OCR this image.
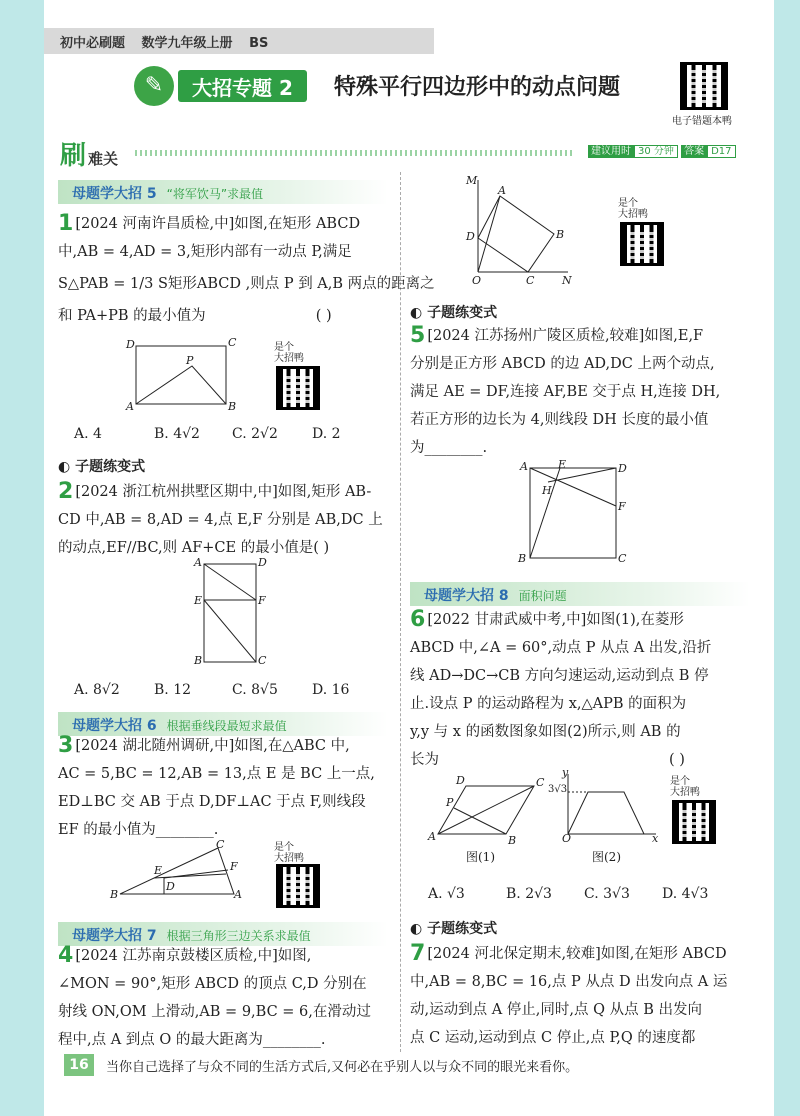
初中必刷题 数学九年级上册 BS
✎	大招专题 2	特殊平行四边形中的动点问题
电子错题本鸭
刷难关	建议用时 30 分钟 答案 D17
母题学大招 5 “将军饮马”求最值
1 [2024 河南许昌质检,中]如图,在矩形 ABCD
中,AB = 4,AD = 3,矩形内部有一动点 P,满足
S△PAB = 1/3 S矩形ABCD ,则点 P 到 A,B 两点的距离之
和 PA+PB 的最小值为	( )
D	C
P
A	B
是个
大招鸭
A. 4	B. 4√2 C. 2√2 D. 2
◐ 子题练变式
2 [2024 浙江杭州拱墅区期中,中]如图,矩形 AB-
CD 中,AB = 8,AD = 4,点 E,F 分别是 AB,DC 上
的动点,EF//BC,则 AF+CE 的最小值是( )
A	D
E	F
B	C
A. 8√2 B. 12	C. 8√5 D. 16
母题学大招 6 根据垂线段最短求最值
3 [2024 湖北随州调研,中]如图,在△ABC 中,
AC = 5,BC = 12,AB = 13,点 E 是 BC 上一点,
ED⊥BC 交 AB 于点 D,DF⊥AC 于点 F,则线段
EF 的最小值为________.
B
C
F
E
D
A
是个
大招鸭
母题学大招 7 根据三角形三边关系求最值
4 [2024 江苏南京鼓楼区质检,中]如图,
∠MON = 90°,矩形 ABCD 的顶点 C,D 分别在
射线 ON,OM 上滑动,AB = 9,BC = 6,在滑动过
程中,点 A 到点 O 的最大距离为________.
M
A
B
D
C
O	N
是个
大招鸭
◐ 子题练变式
5 [2024 江苏扬州广陵区质检,较难]如图,E,F
分别是正方形 ABCD 的边 AD,DC 上两个动点,
满足 AE = DF,连接 AF,BE 交于点 H,连接 DH,
若正方形的边长为 4,则线段 DH 长度的最小值
为________.
A	E	D
H
F
B	C
母题学大招 8 面积问题
6 [2022 甘肃武威中考,中]如图(1),在菱形
ABCD 中,∠A = 60°,动点 P 从点 A 出发,沿折
线 AD→DC→CB 方向匀速运动,运动到点 B 停
止.设点 P 的运动路程为 x,△APB 的面积为
y,y 与 x 的函数图象如图(2)所示,则 AB 的
长为	( )
D	C
P
A	B
图(1)
y
O	x
3√3
图(2)
是个
大招鸭
A. √3	B. 2√3 C. 3√3 D. 4√3
◐ 子题练变式
7 [2024 河北保定期末,较难]如图,在矩形 ABCD
中,AB = 8,BC = 16,点 P 从点 D 出发向点 A 运
动,运动到点 A 停止,同时,点 Q 从点 B 出发向
点 C 运动,运动到点 C 停止,点 P,Q 的速度都
16	当你自己选择了与众不同的生活方式后,又何必在乎别人以与众不同的眼光来看你。
